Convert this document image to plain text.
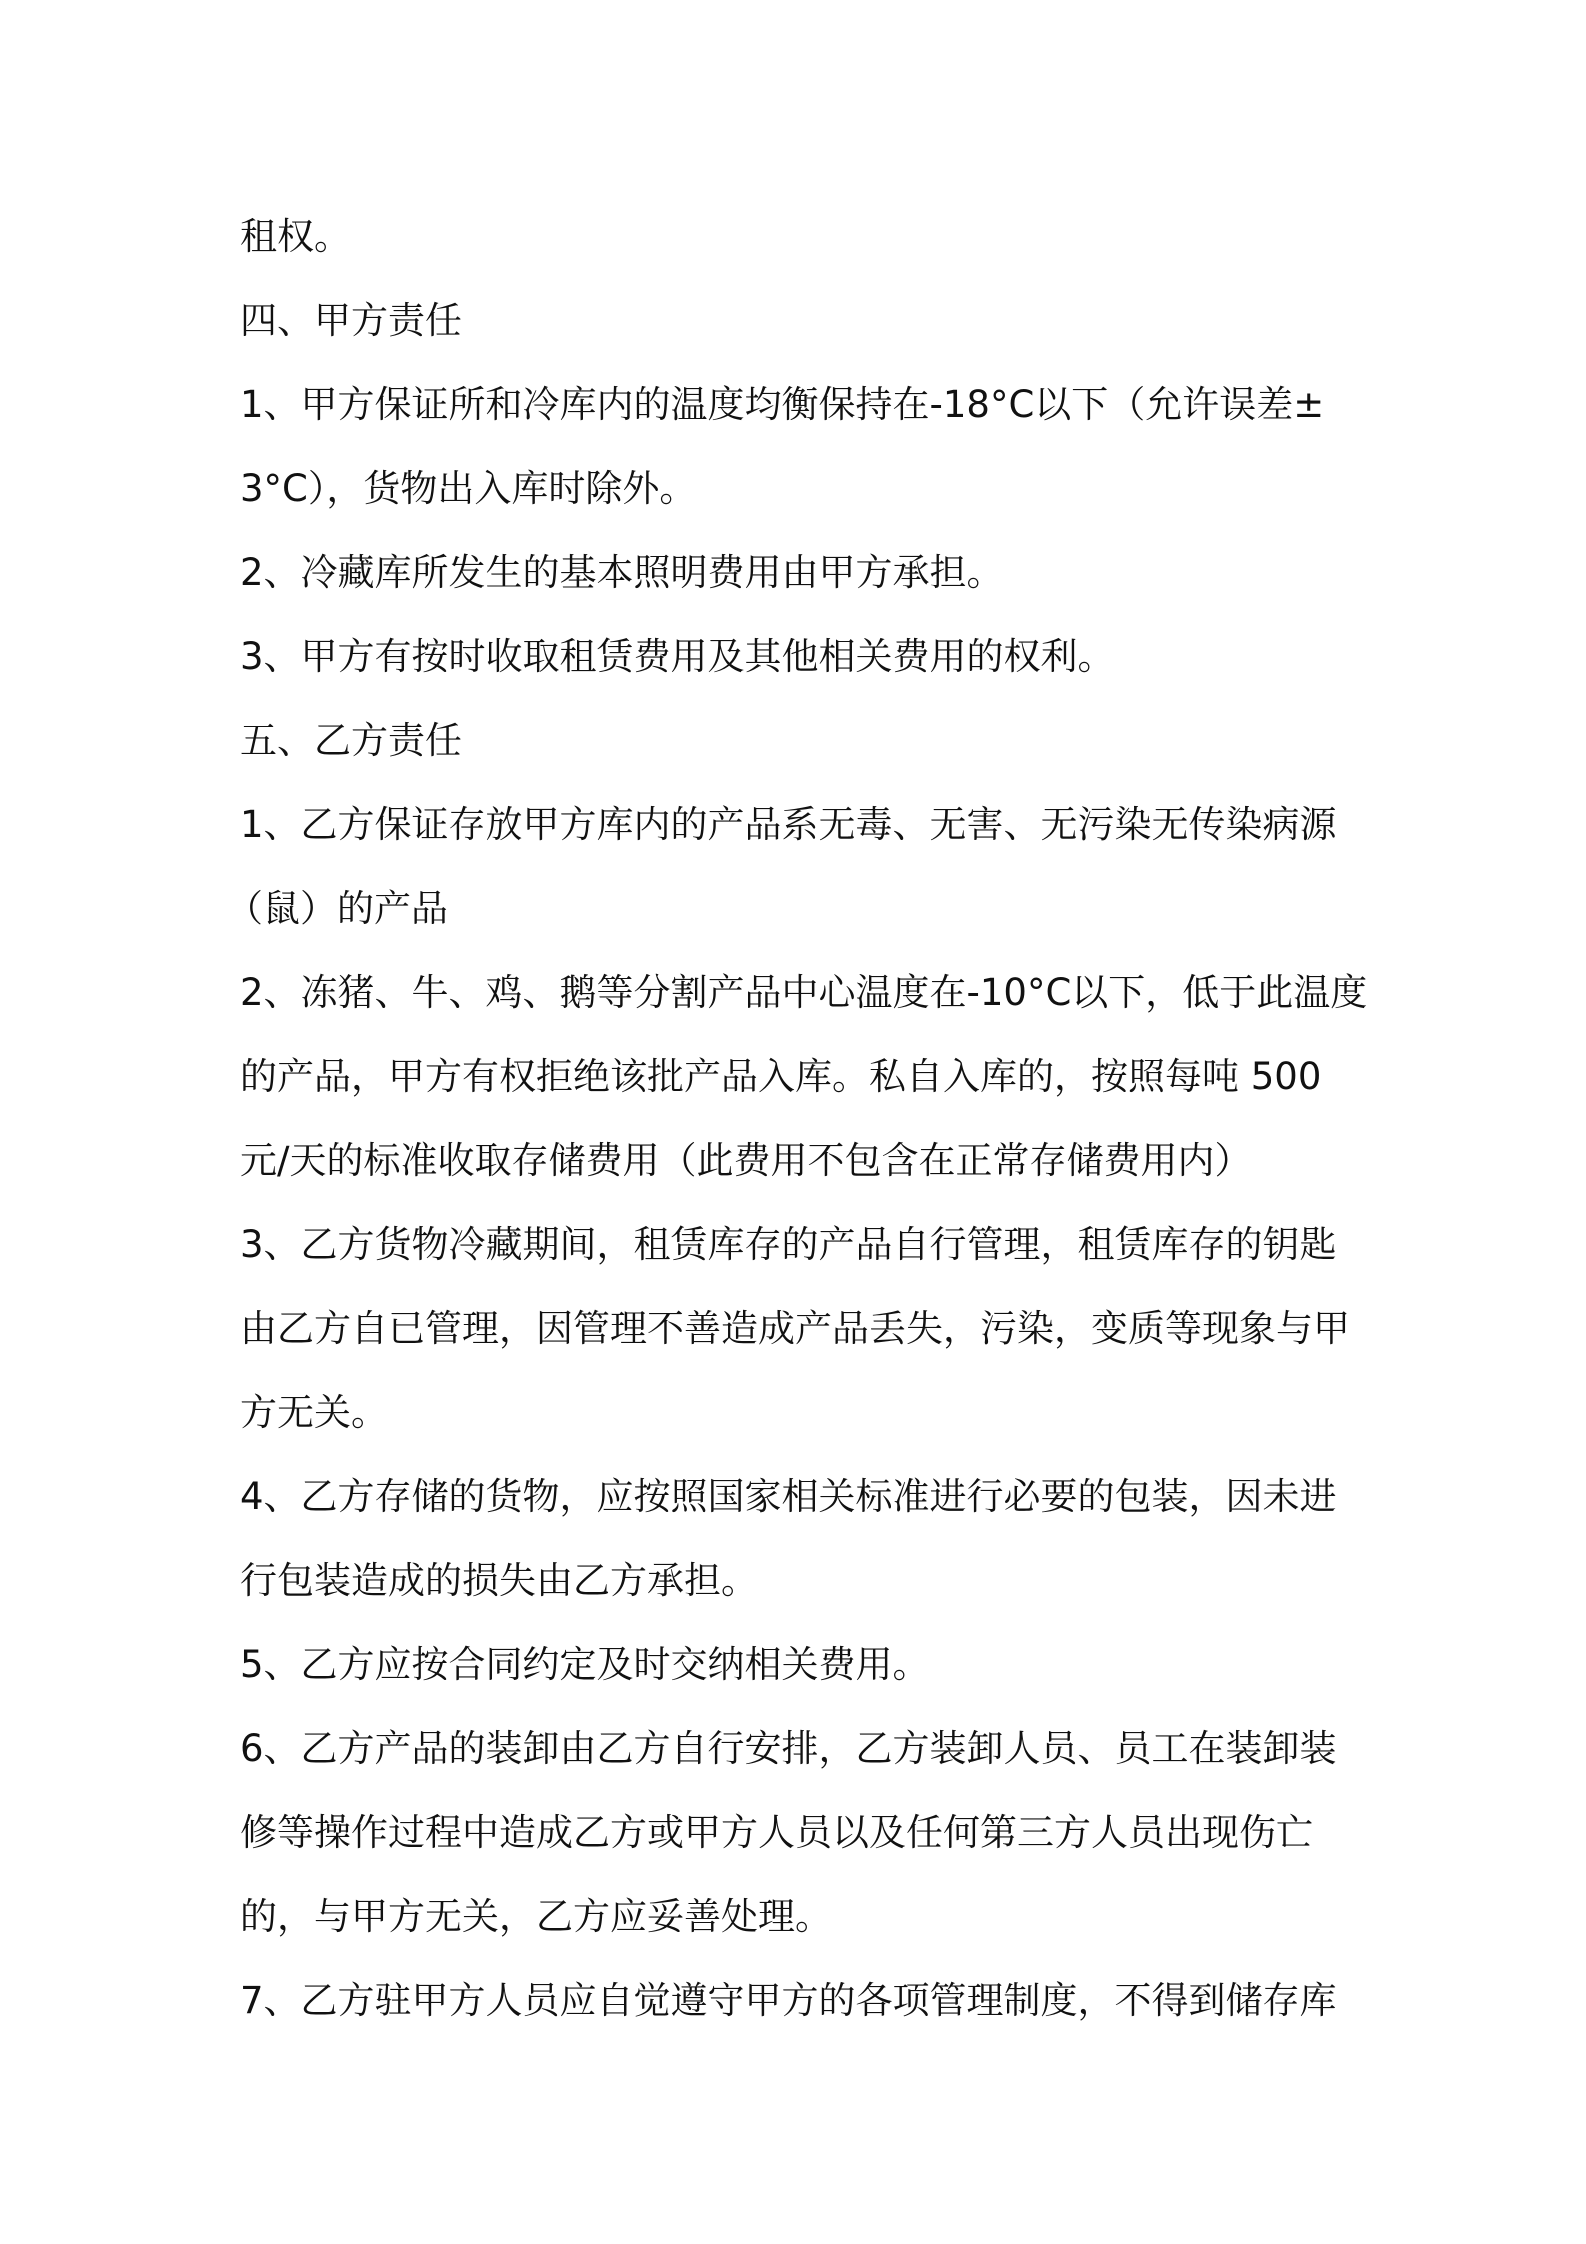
租权。
四、甲方责任
1、甲方保证所和冷库内的温度均衡保持在-18°C以下（允许误差±
3°C），货物出入库时除外。
2、冷藏库所发生的基本照明费用由甲方承担。
3、甲方有按时收取租赁费用及其他相关费用的权利。
五、乙方责任
1、乙方保证存放甲方库内的产品系无毒、无害、无污染无传染病源
（鼠）的产品
2、冻猪、牛、鸡、鹅等分割产品中心温度在-10°C以下，低于此温度
的产品，甲方有权拒绝该批产品入库。私自入库的，按照每吨 500
元/天的标准收取存储费用（此费用不包含在正常存储费用内）
3、乙方货物冷藏期间，租赁库存的产品自行管理，租赁库存的钥匙
由乙方自已管理，因管理不善造成产品丢失，污染，变质等现象与甲
方无关。
4、乙方存储的货物，应按照国家相关标准进行必要的包装，因未进
行包装造成的损失由乙方承担。
5、乙方应按合同约定及时交纳相关费用。
6、乙方产品的装卸由乙方自行安排，乙方装卸人员、员工在装卸装
修等操作过程中造成乙方或甲方人员以及任何第三方人员出现伤亡
的，与甲方无关，乙方应妥善处理。
7、乙方驻甲方人员应自觉遵守甲方的各项管理制度，不得到储存库
